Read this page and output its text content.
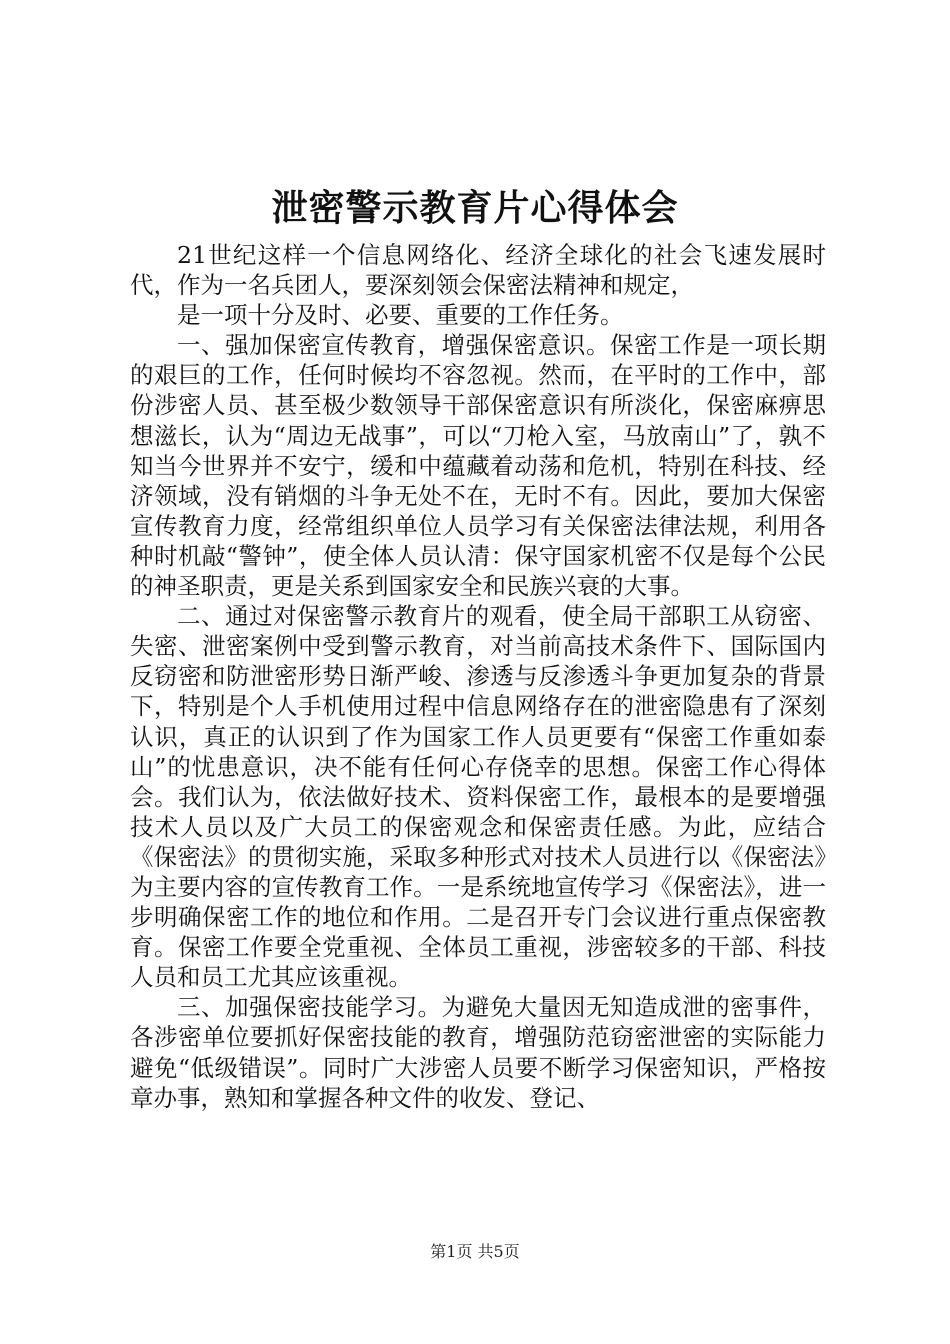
泄密警示教育片心得体会

21世纪这样一个信息网络化、经济全球化的社会飞速发展时代，作为一名兵团人，要深刻领会保密法精神和规定，

是一项十分及时、必要、重要的工作任务。

一、强加保密宣传教育，增强保密意识。保密工作是一项长期的艰巨的工作，任何时候均不容忽视。然而，在平时的工作中，部份涉密人员、甚至极少数领导干部保密意识有所淡化，保密麻痹思想滋长，认为“周边无战事”，可以“刀枪入室，马放南山”了，孰不知当今世界并不安宁，缓和中蕴藏着动荡和危机，特别在科技、经济领域，没有销烟的斗争无处不在，无时不有。因此，要加大保密宣传教育力度，经常组织单位人员学习有关保密法律法规，利用各种时机敲“警钟”，使全体人员认清：保守国家机密不仅是每个公民的神圣职责，更是关系到国家安全和民族兴衰的大事。

二、通过对保密警示教育片的观看，使全局干部职工从窃密、失密、泄密案例中受到警示教育，对当前高技术条件下、国际国内反窃密和防泄密形势日渐严峻、渗透与反渗透斗争更加复杂的背景下，特别是个人手机使用过程中信息网络存在的泄密隐患有了深刻认识，真正的认识到了作为国家工作人员更要有“保密工作重如泰山”的忧患意识，决不能有任何心存侥幸的思想。保密工作心得体会。我们认为，依法做好技术、资料保密工作，最根本的是要增强技术人员以及广大员工的保密观念和保密责任感。为此，应结合《保密法》的贯彻实施，采取多种形式对技术人员进行以《保密法》为主要内容的宣传教育工作。一是系统地宣传学习《保密法》，进一步明确保密工作的地位和作用。二是召开专门会议进行重点保密教育。保密工作要全党重视、全体员工重视，涉密较多的干部、科技人员和员工尤其应该重视。

三、加强保密技能学习。为避免大量因无知造成泄的密事件，各涉密单位要抓好保密技能的教育，增强防范窃密泄密的实际能力避免“低级错误”。同时广大涉密人员要不断学习保密知识，严格按章办事，熟知和掌握各种文件的收发、登记、

第1页 共5页
